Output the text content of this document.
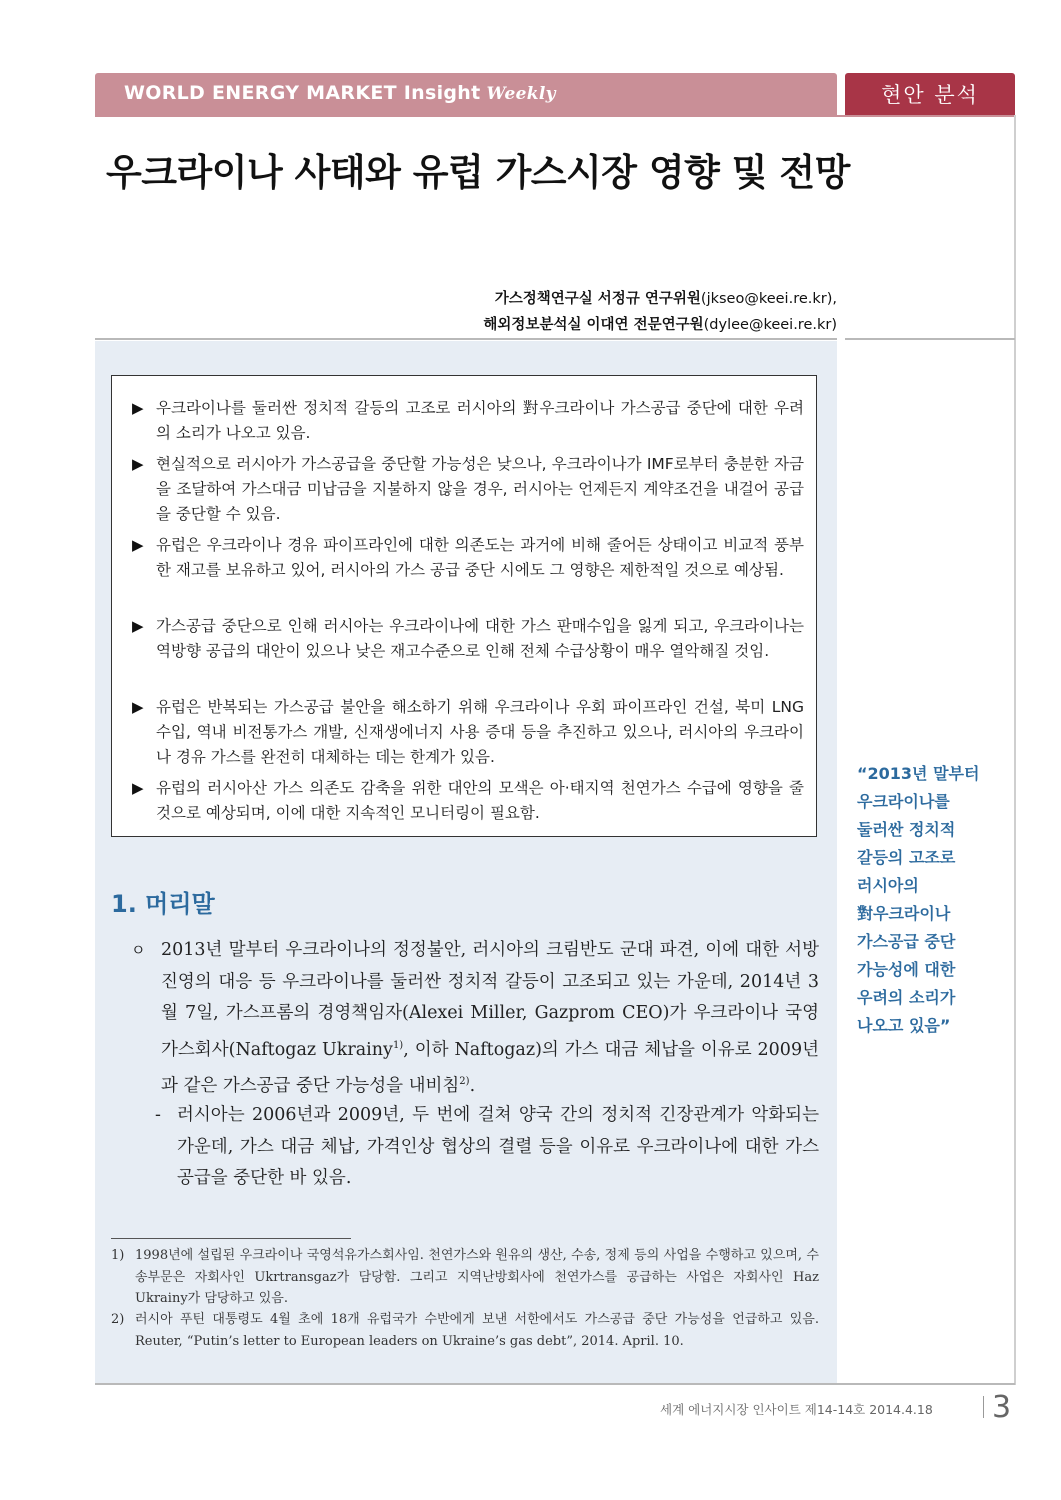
WORLD ENERGY MARKET Insight Weekly	현안 분석
우크라이나 사태와 유럽 가스시장 영향 및 전망
가스정책연구실 서정규 연구위원(jkseo@keei.re.kr),
해외정보분석실 이대연 전문연구원(dylee@keei.re.kr)
▶ 우크라이나를 둘러싼 정치적 갈등의 고조로 러시아의 對우크라이나 가스공급 중단에 대한 우려의 소리가 나오고 있음.
▶ 현실적으로 러시아가 가스공급을 중단할 가능성은 낮으나, 우크라이나가 IMF로부터 충분한 자금을 조달하여 가스대금 미납금을 지불하지 않을 경우, 러시아는 언제든지 계약조건을 내걸어 공급을 중단할 수 있음.
▶ 유럽은 우크라이나 경유 파이프라인에 대한 의존도는 과거에 비해 줄어든 상태이고 비교적 풍부한 재고를 보유하고 있어, 러시아의 가스 공급 중단 시에도 그 영향은 제한적일 것으로 예상됨.
▶ 가스공급 중단으로 인해 러시아는 우크라이나에 대한 가스 판매수입을 잃게 되고, 우크라이나는 역방향 공급의 대안이 있으나 낮은 재고수준으로 인해 전체 수급상황이 매우 열악해질 것임.
▶ 유럽은 반복되는 가스공급 불안을 해소하기 위해 우크라이나 우회 파이프라인 건설, 북미 LNG 수입, 역내 비전통가스 개발, 신재생에너지 사용 증대 등을 추진하고 있으나, 러시아의 우크라이나 경유 가스를 완전히 대체하는 데는 한계가 있음.
▶ 유럽의 러시아산 가스 의존도 감축을 위한 대안의 모색은 아·태지역 천연가스 수급에 영향을 줄 것으로 예상되며, 이에 대한 지속적인 모니터링이 필요함.
1. 머리말
ㅇ 2013년 말부터 우크라이나의 정정불안, 러시아의 크림반도 군대 파견, 이에 대한 서방진영의 대응 등 우크라이나를 둘러싼 정치적 갈등이 고조되고 있는 가운데, 2014년 3월 7일, 가스프롬의 경영책임자(Alexei Miller, Gazprom CEO)가 우크라이나 국영가스회사(Naftogaz Ukrainy$^{1)}$, 이하 Naftogaz)의 가스 대금 체납을 이유로 2009년과 같은 가스공급 중단 가능성을 내비침$^{2)}$.
- 러시아는 2006년과 2009년, 두 번에 걸쳐 양국 간의 정치적 긴장관계가 악화되는 가운데, 가스 대금 체납, 가격인상 협상의 결렬 등을 이유로 우크라이나에 대한 가스공급을 중단한 바 있음.
1) 1998년에 설립된 우크라이나 국영석유가스회사임. 천연가스와 원유의 생산, 수송, 정제 등의 사업을 수행하고 있으며, 수송부문은 자회사인 Ukrtransgaz가 담당함. 그리고 지역난방회사에 천연가스를 공급하는 사업은 자회사인 Haz Ukrainy가 담당하고 있음.
2) 러시아 푸틴 대통령도 4월 초에 18개 유럽국가 수반에게 보낸 서한에서도 가스공급 중단 가능성을 언급하고 있음. Reuter, “Putin’s letter to European leaders on Ukraine’s gas debt”, 2014. April. 10.
“2013년 말부터
우크라이나를
둘러싼 정치적
갈등의 고조로
러시아의
對우크라이나
가스공급 중단
가능성에 대한
우려의 소리가
나오고 있음”
세계 에너지시장 인사이트 제14-14호 2014.4.18 3
